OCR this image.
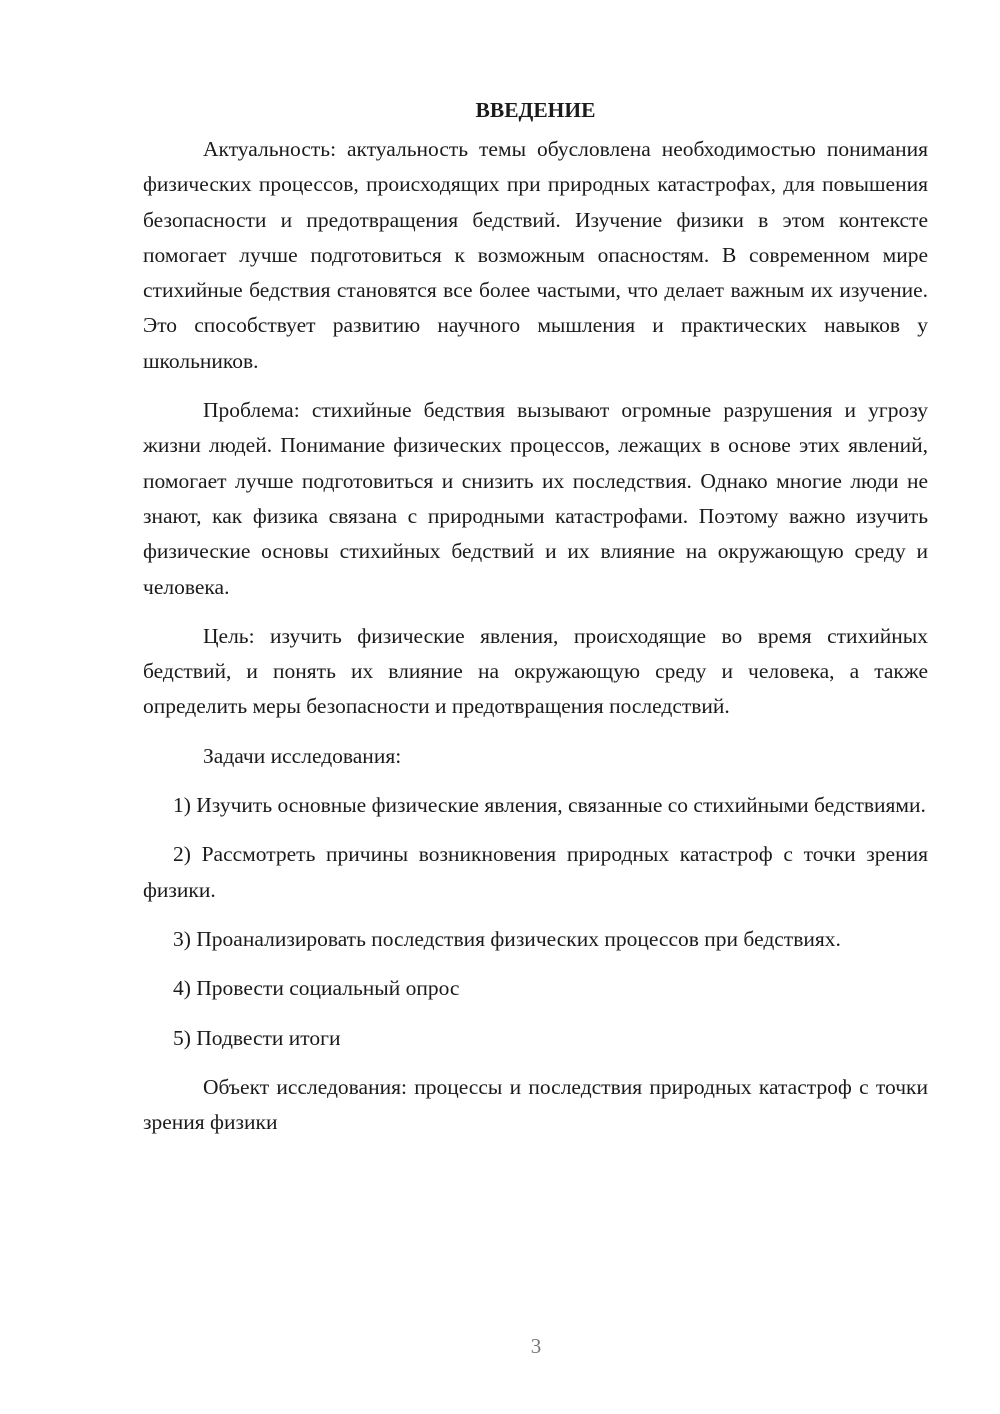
ВВЕДЕНИЕ

Актуальность: актуальность темы обусловлена необходимостью понимания физических процессов, происходящих при природных катастрофах, для повышения безопасности и предотвращения бедствий. Изучение физики в этом контексте помогает лучше подготовиться к возможным опасностям. В современном мире стихийные бедствия становятся все более частыми, что делает важным их изучение. Это способствует развитию научного мышления и практических навыков у школьников.

Проблема: стихийные бедствия вызывают огромные разрушения и угрозу жизни людей. Понимание физических процессов, лежащих в основе этих явлений, помогает лучше подготовиться и снизить их последствия. Однако многие люди не знают, как физика связана с природными катастрофами. Поэтому важно изучить физические основы стихийных бедствий и их влияние на окружающую среду и человека.

Цель: изучить физические явления, происходящие во время стихийных бедствий, и понять их влияние на окружающую среду и человека, а также определить меры безопасности и предотвращения последствий.

Задачи исследования:

1) Изучить основные физические явления, связанные со стихийными бедствиями.

2) Рассмотреть причины возникновения природных катастроф с точки зрения физики.

3) Проанализировать последствия физических процессов при бедствиях.

4) Провести социальный опрос

5) Подвести итоги

Объект исследования: процессы и последствия природных катастроф с точки зрения физики

3
